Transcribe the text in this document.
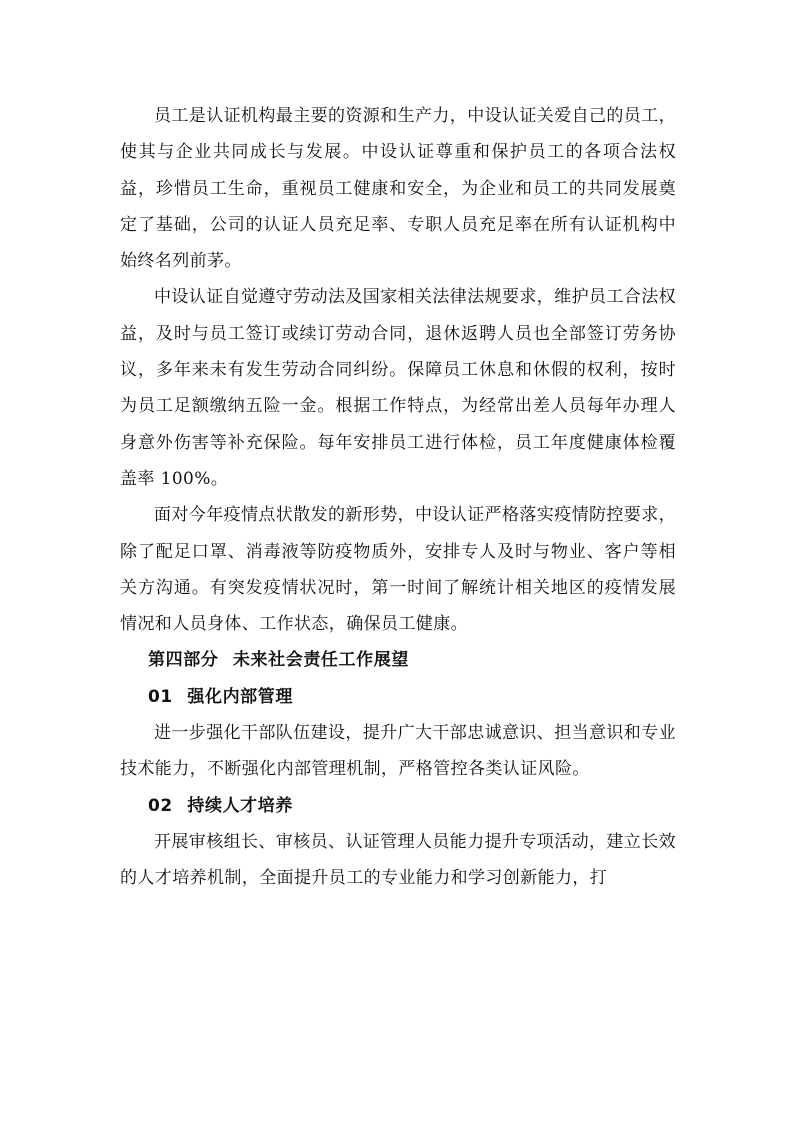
员工是认证机构最主要的资源和生产力，中设认证关爱自己的员工，使其与企业共同成长与发展。中设认证尊重和保护员工的各项合法权益，珍惜员工生命，重视员工健康和安全，为企业和员工的共同发展奠定了基础，公司的认证人员充足率、专职人员充足率在所有认证机构中始终名列前茅。

中设认证自觉遵守劳动法及国家相关法律法规要求，维护员工合法权益，及时与员工签订或续订劳动合同，退休返聘人员也全部签订劳务协议，多年来未有发生劳动合同纠纷。保障员工休息和休假的权利，按时为员工足额缴纳五险一金。根据工作特点，为经常出差人员每年办理人身意外伤害等补充保险。每年安排员工进行体检，员工年度健康体检覆盖率 100%。

面对今年疫情点状散发的新形势，中设认证严格落实疫情防控要求，除了配足口罩、消毒液等防疫物质外，安排专人及时与物业、客户等相关方沟通。有突发疫情状况时，第一时间了解统计相关地区的疫情发展情况和人员身体、工作状态，确保员工健康。

第四部分 未来社会责任工作展望

01 强化内部管理

进一步强化干部队伍建设，提升广大干部忠诚意识、担当意识和专业技术能力，不断强化内部管理机制，严格管控各类认证风险。

02 持续人才培养

开展审核组长、审核员、认证管理人员能力提升专项活动，建立长效的人才培养机制，全面提升员工的专业能力和学习创新能力，打
